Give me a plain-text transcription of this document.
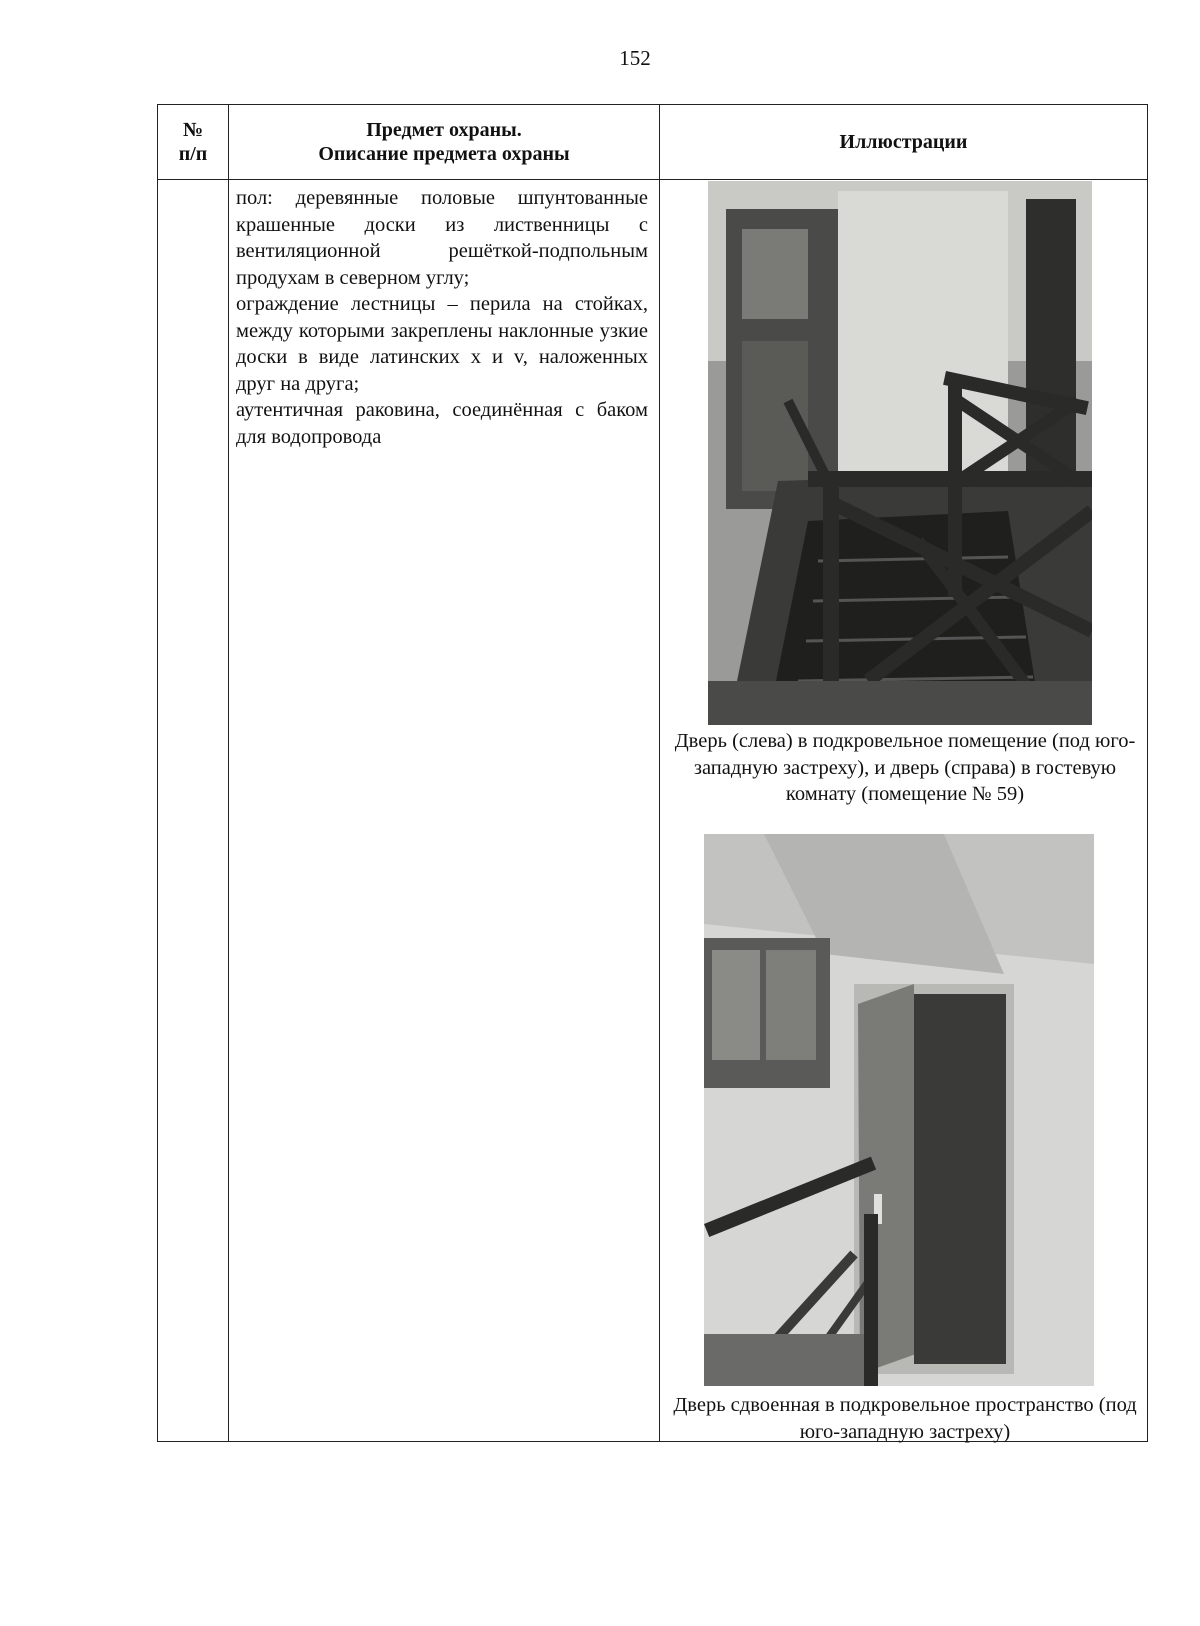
152
№
п/п
Предмет охраны.
Описание предмета охраны
Иллюстрации

пол: деревянные половые шпунтованные крашенные доски из лиственницы с вентиляционной решёткой-подпольным продухам в северном углу;

ограждение лестницы – перила на стойках, между которыми закреплены наклонные узкие доски в виде латинских x и v, наложенных друг на друга;

аутентичная раковина, соединённая с баком для водопровода

Дверь (слева) в подкровельное помещение (под юго-западную застреху), и дверь (справа) в гостевую комнату (помещение № 59)
Дверь сдвоенная в подкровельное пространство (под юго-западную застреху)
